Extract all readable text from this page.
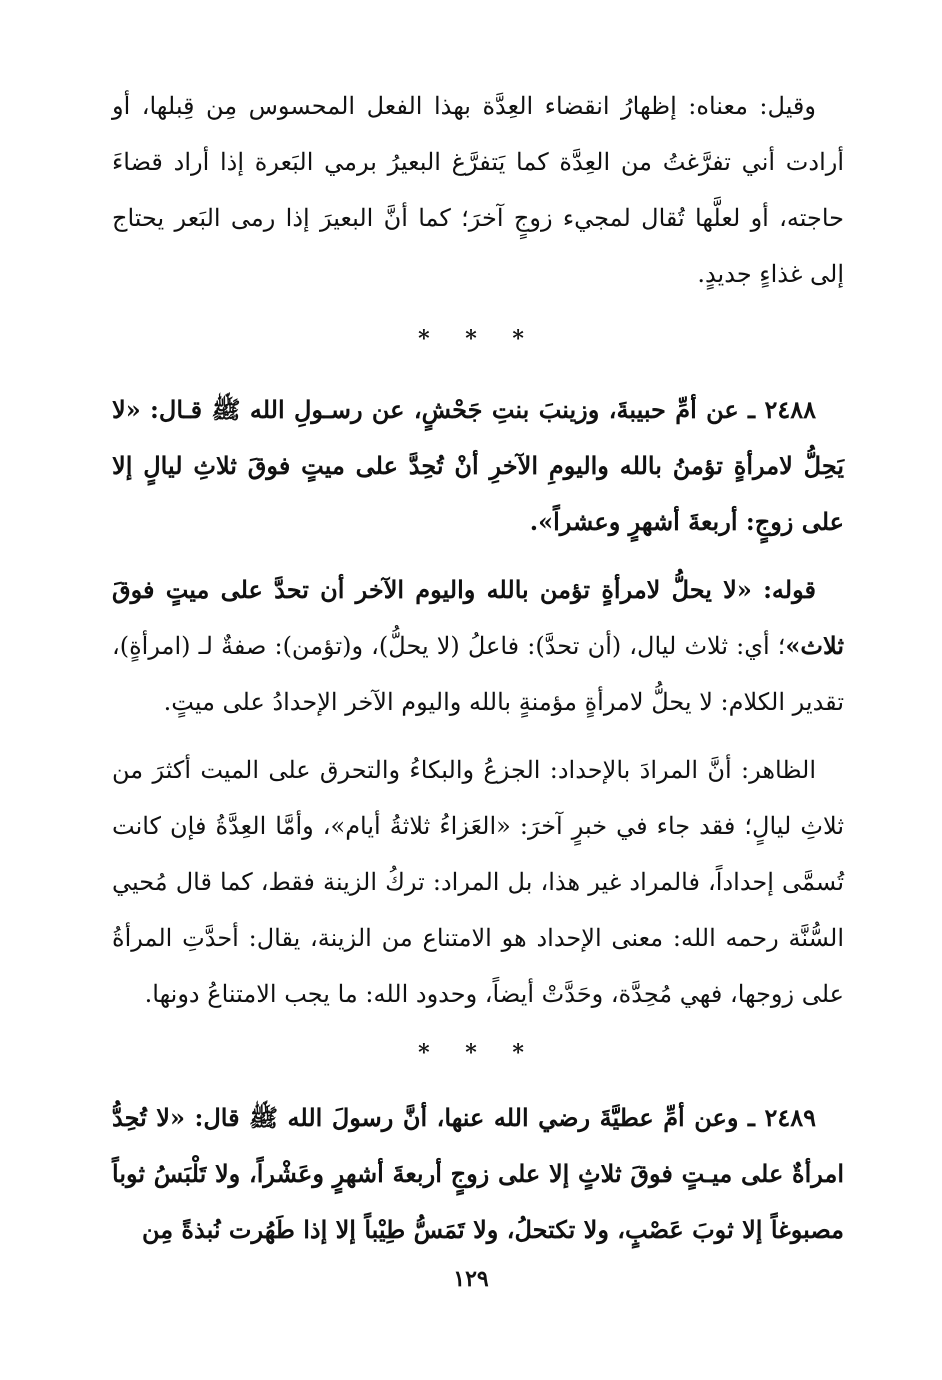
وقيل: معناه: إظهارُ انقضاء العِدَّة بهذا الفعل المحسوس مِن قِبلها، أو أرادت أني تفرَّغتُ من العِدَّة كما يَتفرَّغ البعيرُ برمي البَعرة إذا أراد قضاءَ حاجته، أو لعلَّها تُقال لمجيء زوجٍ آخرَ؛ كما أنَّ البعيرَ إذا رمى البَعر يحتاج إلى غذاءٍ جديدٍ.

* * *

٢٤٨٨ ـ عن أمِّ حبيبةَ، وزينبَ بنتِ جَحْشٍ، عن رسـولِ الله ﷺ قـال: «لا يَحِلُّ لامرأةٍ تؤمنُ بالله واليومِ الآخرِ أنْ تُحِدَّ على ميتٍ فوقَ ثلاثِ ليالٍ إلا على زوجٍ: أربعةَ أشهرٍ وعشراً».

قوله: «لا يحلُّ لامرأةٍ تؤمن بالله واليوم الآخر أن تحدَّ على ميتٍ فوقَ ثلاث»؛ أي: ثلاث ليال، (أن تحدَّ): فاعلُ (لا يحلُّ)، و(تؤمن): صفةٌ لـ (امرأةٍ)، تقدير الكلام: لا يحلُّ لامرأةٍ مؤمنةٍ بالله واليوم الآخر الإحدادُ على ميتٍ.

الظاهر: أنَّ المرادَ بالإحداد: الجزعُ والبكاءُ والتحرق على الميت أكثرَ من ثلاثِ ليالٍ؛ فقد جاء في خبرٍ آخرَ: «العَزاءُ ثلاثةُ أيام»، وأمَّا العِدَّةُ فإن كانت تُسمَّى إحداداً، فالمراد غير هذا، بل المراد: تركُ الزينة فقط، كما قال مُحيي السُّنَّة رحمه الله: معنى الإحداد هو الامتناع من الزينة، يقال: أحدَّتِ المرأةُ على زوجها، فهي مُحِدَّة، وحَدَّتْ أيضاً، وحدود الله: ما يجب الامتناعُ دونها.

* * *

٢٤٨٩ ـ وعن أمِّ عطيَّةَ رضي الله عنها، أنَّ رسولَ الله ﷺ قال: «لا تُحِدُّ امرأةٌ على ميـتٍ فوقَ ثلاثٍ إلا على زوجٍ أربعةَ أشهرٍ وعَشْراً، ولا تَلْبَسُ ثوباً مصبوغاً إلا ثوبَ عَصْبٍ، ولا تكتحلُ، ولا تَمَسُّ طِيْباً إلا إذا طَهُرت نُبذةً مِن

١٢٩
